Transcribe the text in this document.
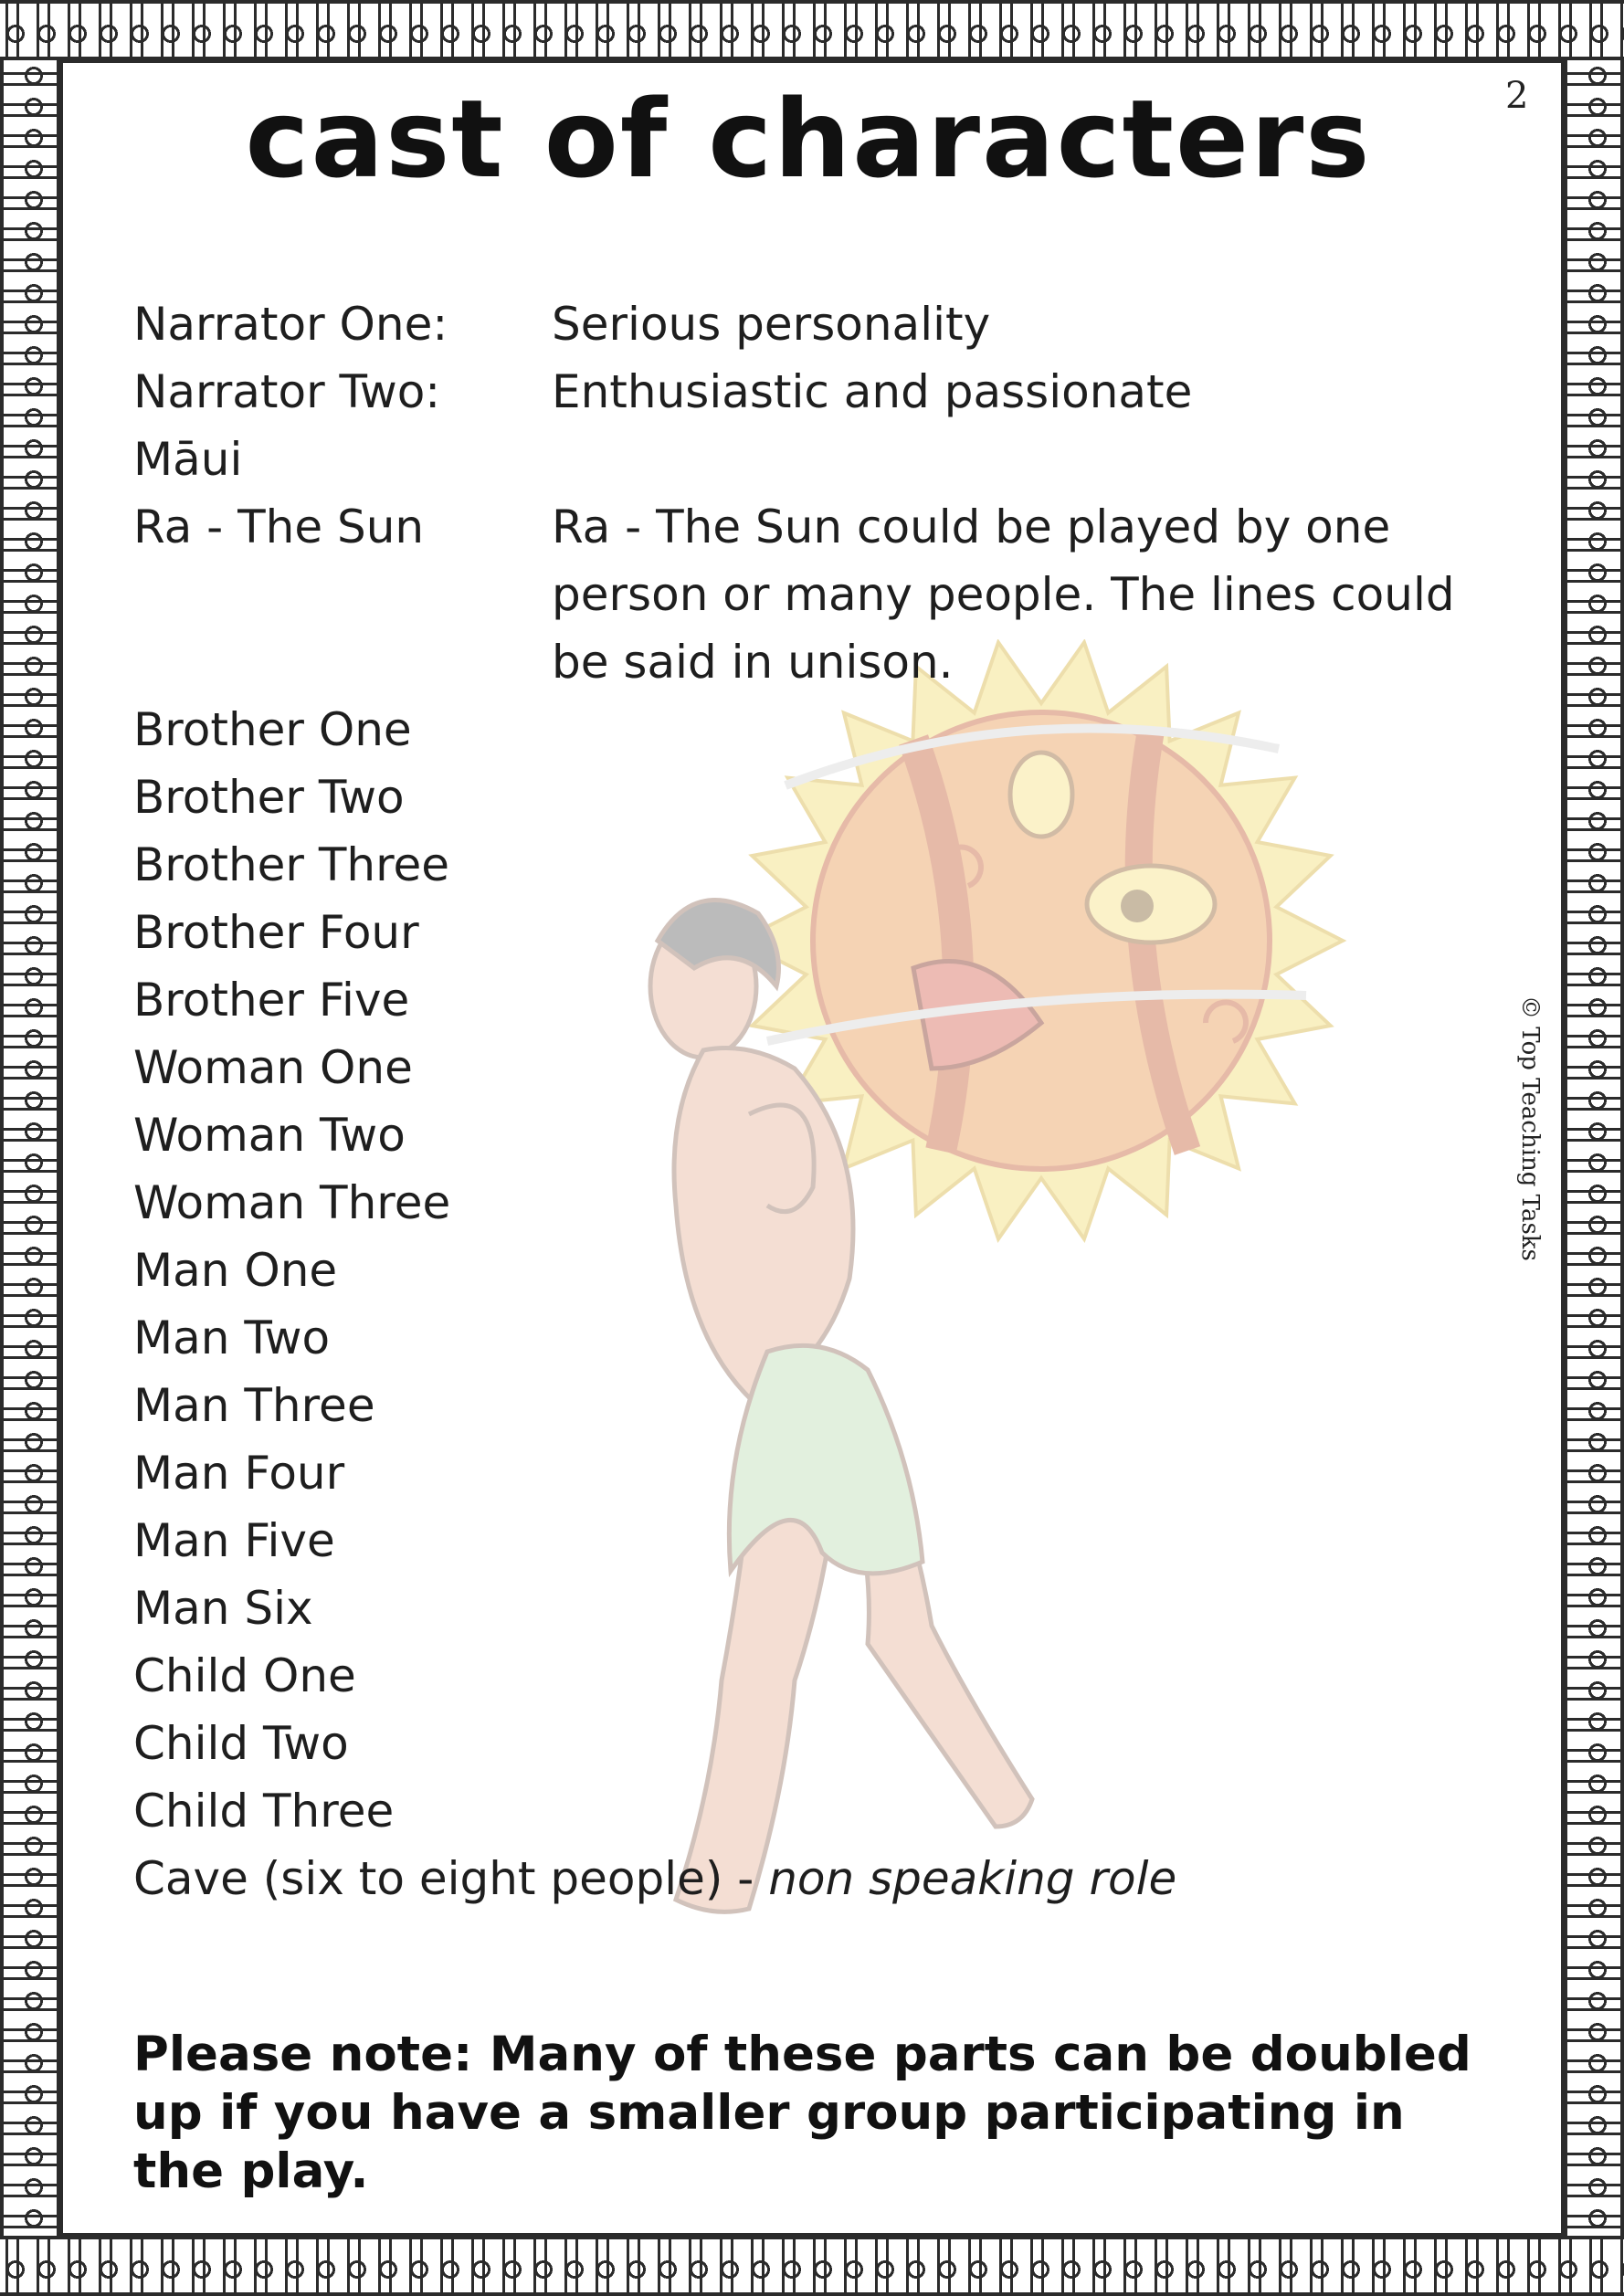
2
cast of characters
Narrator One: Serious personality
Narrator Two: Enthusiastic and passionate
Māui
Ra - The Sun	Ra - The Sun could be played by one person or many people. The lines could be said in unison.
Brother One
Brother Two
Brother Three
Brother Four
Brother Five
Woman One
Woman Two
Woman Three
Man One
Man Two
Man Three
Man Four
Man Five
Man Six
Child One
Child Two
Child Three
Cave (six to eight people) - non speaking role
Please note: Many of these parts can be doubled up if you have a smaller group participating in the play.
© Top Teaching Tasks
